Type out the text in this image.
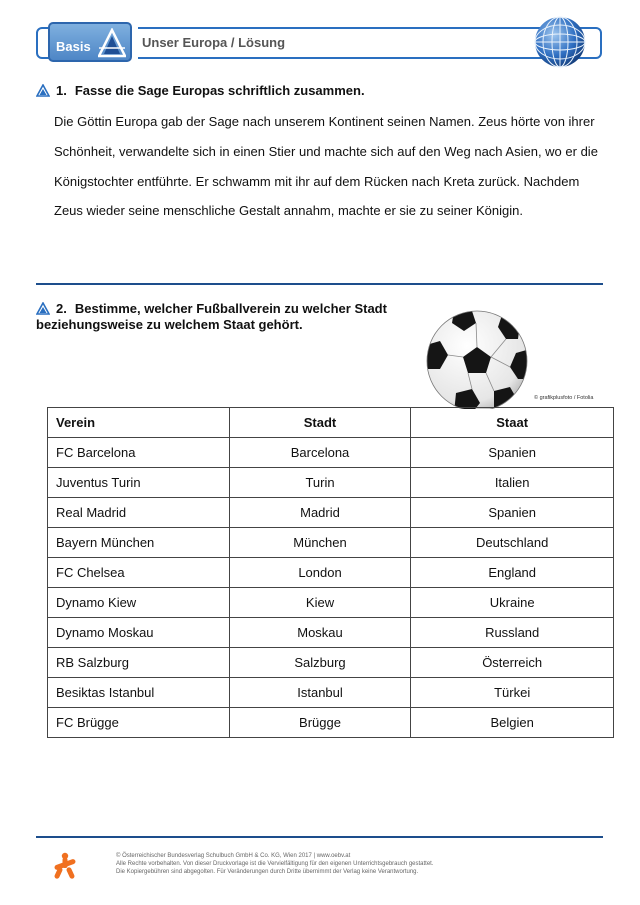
Basis	Unser Europa / Lösung
1. Fasse die Sage Europas schriftlich zusammen.
Die Göttin Europa gab der Sage nach unserem Kontinent seinen Namen. Zeus hörte von ihrer
Schönheit, verwandelte sich in einen Stier und machte sich auf den Weg nach Asien, wo er die
Königstochter entführte. Er schwamm mit ihr auf dem Rücken nach Kreta zurück. Nachdem
Zeus wieder seine menschliche Gestalt annahm, machte er sie zu seiner Königin.
2. Bestimme, welcher Fußballverein zu welcher Stadt
beziehungsweise zu welchem Staat gehört.
© grafikplusfoto / Fotolia
Verein	Stadt	Staat
FC Barcelona	Barcelona	Spanien
Juventus Turin	Turin	Italien
Real Madrid	Madrid	Spanien
Bayern München	München	Deutschland
FC Chelsea	London	England
Dynamo Kiew	Kiew	Ukraine
Dynamo Moskau	Moskau	Russland
RB Salzburg	Salzburg	Österreich
Besiktas Istanbul	Istanbul	Türkei
FC Brügge	Brügge	Belgien
© Österreichischer Bundesverlag Schulbuch GmbH & Co. KG, Wien 2017 | www.oebv.at
Alle Rechte vorbehalten. Von dieser Druckvorlage ist die Vervielfältigung für den eigenen Unterrichtsgebrauch gestattet.
Die Kopiergebühren sind abgegolten. Für Veränderungen durch Dritte übernimmt der Verlag keine Verantwortung.
